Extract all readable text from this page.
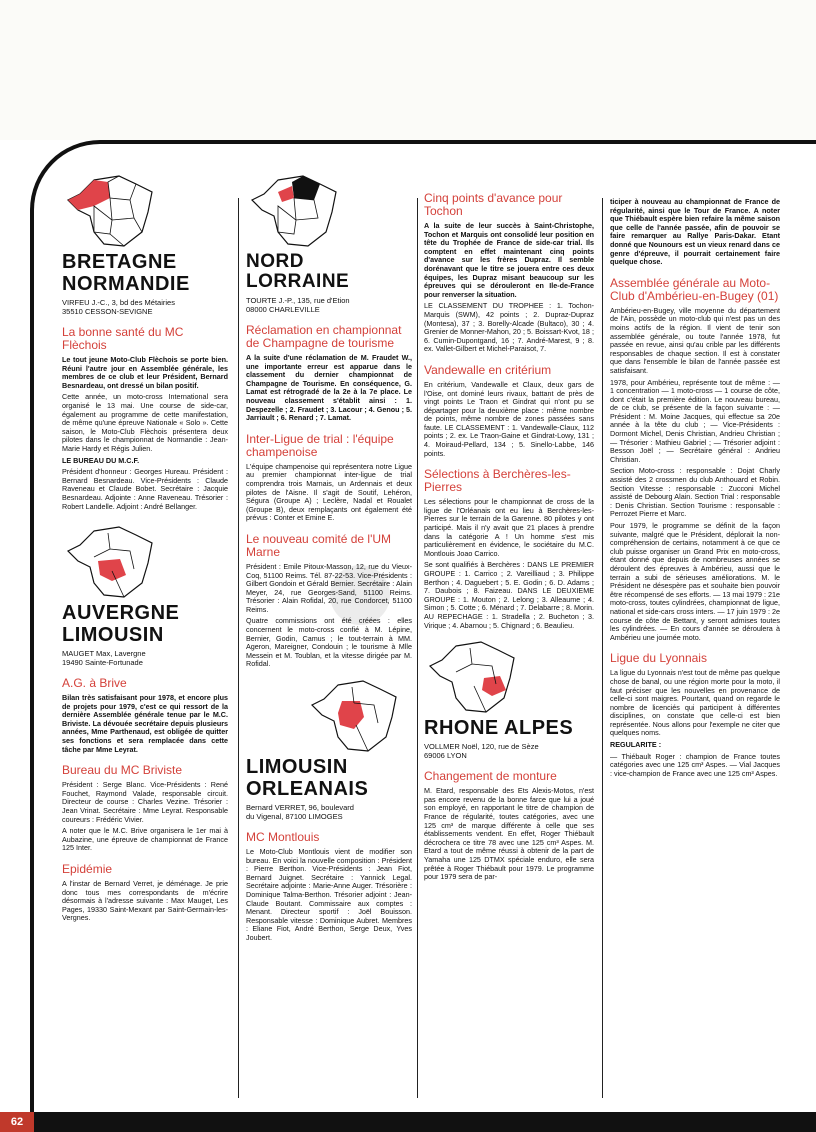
BRETAGNE
NORMANDIE
VIRFEU J.-C., 3, bd des Métairies
35510 CESSON-SEVIGNE
La bonne santé du MC Flèchois

Le tout jeune Moto-Club Flèchois se porte bien. Réuni l'autre jour en Assemblée générale, les membres de ce club et leur Président, Bernard Besnardeau, ont dressé un bilan positif.

Cette année, un moto-cross International sera organisé le 13 mai. Une course de side-car, également au programme de cette manifestation, de même qu'une épreuve Nationale « Solo ». Cette saison, le Moto-Club Flèchois présentera deux pilotes dans le championnat de Normandie : Jean-Marie Hardy et Régis Julien.

LE BUREAU DU M.C.F.

Président d'honneur : Georges Hureau. Président : Bernard Besnardeau. Vice-Présidents : Claude Raveneau et Claude Bobet. Secrétaire : Jacquie Besnardeau. Adjointe : Anne Raveneau. Trésorier : Robert Landelle. Adjoint : André Bellanger.

AUVERGNE
LIMOUSIN
MAUGET Max, Lavergne
19490 Sainte-Fortunade
A.G. à Brive

Bilan très satisfaisant pour 1978, et encore plus de projets pour 1979, c'est ce qui ressort de la dernière Assemblée générale tenue par le M.C. Briviste. La dévouée secrétaire depuis plusieurs années, Mme Parthenaud, est obligée de quitter ses fonctions et sera remplacée dans cette tâche par Mme Leyrat.

Bureau du MC Briviste

Président : Serge Blanc. Vice-Présidents : René Fouchet, Raymond Valade, responsable circuit. Directeur de course : Charles Vezine. Trésorier : Jean Vrinat. Secrétaire : Mme Leyrat. Responsable coureurs : Frédéric Vivier.

A noter que le M.C. Brive organisera le 1er mai à Aubazine, une épreuve de championnat de France 125 Inter.

Epidémie

A l'instar de Bernard Verret, je déménage. Je prie donc tous mes correspondants de m'écrire désormais à l'adresse suivante : Max Mauget, Les Pages, 19330 Saint-Mexant par Saint-Germain-les-Vergnes.

NORD LORRAINE
TOURTE J.-P., 135, rue d'Etion
08000 CHARLEVILLE
Réclamation en championnat de Champagne de tourisme

A la suite d'une réclamation de M. Fraudet W., une importante erreur est apparue dans le classement du dernier championnat de Champagne de Tourisme. En conséquence, G. Lamat est rétrogradé de la 2e à la 7e place. Le nouveau classement s'établit ainsi : 1. Despezelle ; 2. Fraudet ; 3. Lacour ; 4. Genou ; 5. Jarriault ; 6. Renard ; 7. Lamat.

Inter-Ligue de trial : l'équipe champenoise

L'équipe champenoise qui représentera notre Ligue au premier championnat inter-ligue de trial comprendra trois Marnais, un Ardennais et deux pilotes de l'Aisne. Il s'agit de Soutif, Lehéron, Ségura (Groupe A) ; Leclère, Nadal et Roualet (Groupe B), deux remplaçants ont également été prévus : Conter et Emine E.

Le nouveau comité de l'UM Marne

Président : Emile Pitoux-Masson, 12, rue du Vieux-Coq, 51100 Reims. Tél. 87-22-53. Vice-Présidents : Gilbert Gondoin et Gérald Bernier. Secrétaire : Alain Meyer, 24, rue Georges-Sand, 51100 Reims. Trésorier : Alain Rofidal, 20, rue Condorcet, 51100 Reims.

Quatre commissions ont été créées : elles concernent le moto-cross confié à M. Lépine, Bernier, Godin, Camus ; le tout-terrain à MM. Ageron, Mareigner, Condouin ; le tourisme à Mlle Messein et M. Toublan, et la vitesse dirigée par M. Rofidal.

LIMOUSIN
ORLEANAIS
Bernard VERRET, 96, boulevard
du Vigenal, 87100 LIMOGES
MC Montlouis

Le Moto-Club Montlouis vient de modifier son bureau. En voici la nouvelle composition : Président : Pierre Berthon. Vice-Présidents : Jean Fiot, Bernard Juignet. Secrétaire : Yannick Legal. Secrétaire adjointe : Marie-Anne Auger. Trésorière : Dominique Talma-Berthon. Trésorier adjoint : Jean-Claude Boutant. Commissaire aux comptes : Menant. Directeur sportif : Joël Bouisson. Responsable vitesse : Dominique Aubret. Membres : Eliane Fiot, André Berthon, Serge Deux, Yves Joubert.

Cinq points d'avance pour Tochon

A la suite de leur succès à Saint-Christophe, Tochon et Marquis ont consolidé leur position en tête du Trophée de France de side-car trial. Ils comptent en effet maintenant cinq points d'avance sur les frères Dupraz. Il semble dorénavant que le titre se jouera entre ces deux équipes, les Dupraz misant beaucoup sur les épreuves qui se dérouleront en Ile-de-France pour renverser la situation.

LE CLASSEMENT DU TROPHEE : 1. Tochon-Marquis (SWM), 42 points ; 2. Dupraz-Dupraz (Montesa), 37 ; 3. Borelly-Alcade (Bultaco), 30 ; 4. Grenier de Monner-Mahon, 20 ; 5. Boissart-Kvot, 18 ; 6. Cumin-Dupontgand, 16 ; 7. André-Marest, 9 ; 8. ex. Vallet-Gilbert et Michel-Paraisot, 7.

Vandewalle en critérium

En critérium, Vandewalle et Claux, deux gars de l'Oise, ont dominé leurs rivaux, battant de près de vingt points Le Traon et Gindrat qui n'ont pu se départager pour la deuxième place : même nombre de points, même nombre de zones passées sans faute. LE CLASSEMENT : 1. Vandewalle-Claux, 112 points ; 2. ex. Le Traon-Gaine et Gindrat-Lowy, 131 ; 4. Moiraud-Pellard, 134 ; 5. Sinello-Labbe, 146 points.

Sélections à Berchères-les-Pierres

Les sélections pour le championnat de cross de la ligue de l'Orléanais ont eu lieu à Berchères-les-Pierres sur le terrain de la Garenne. 80 pilotes y ont participé. Mais il n'y avait que 21 places à prendre dans la catégorie A ! Un homme s'est mis particulièrement en évidence, le sociétaire du M.C. Montlouis Joao Carrico.

Se sont qualifiés à Berchères : DANS LE PREMIER GROUPE : 1. Carrico ; 2. Vareilliaud ; 3. Philippe Berthon ; 4. Daguebert ; 5. E. Godin ; 6. D. Adams ; 7. Daubois ; 8. Faizeau. DANS LE DEUXIEME GROUPE : 1. Mouton ; 2. Lelong ; 3. Alleaume ; 4. Simon ; 5. Cotte ; 6. Ménard ; 7. Delabarre ; 8. Morin. AU REPECHAGE : 1. Stradella ; 2. Bucheton ; 3. Virique ; 4. Abarnou ; 5. Chignard ; 6. Beaulieu.

RHONE ALPES
VOLLMER Noël, 120, rue de Sèze
69006 LYON
Changement de monture

M. Etard, responsable des Ets Alexis-Motos, n'est pas encore revenu de la bonne farce que lui a joué son employé, en rapportant le titre de champion de France de régularité, toutes catégories, avec une 125 cm³ de marque différente à celle que ses établissements vendent. En effet, Roger Thiébault décrochera ce titre 78 avec une 125 cm³ Aspes. M. Etard a tout de même réussi à obtenir de la part de Yamaha une 125 DTMX spéciale enduro, elle sera prêtée à Roger Thiébault pour 1979. Le programme pour 1979 sera de par-

ticiper à nouveau au championnat de France de régularité, ainsi que le Tour de France. A noter que Thiébault espère bien refaire la même saison que celle de l'année passée, afin de pouvoir se faire remarquer au Rallye Paris-Dakar. Etant donné que Nounours est un vieux renard dans ce genre d'épreuve, il pourrait certainement faire quelque chose.

Assemblée générale au Moto-Club d'Ambérieu-en-Bugey (01)

Ambérieu-en-Bugey, ville moyenne du département de l'Ain, possède un moto-club qui n'est pas un des moins actifs de la région. Il vient de tenir son assemblée générale, ou toute l'année 1978, fut passée en revue, ainsi qu'au crible par les différents responsables de chaque section. Il est à constater que dans l'ensemble le bilan de l'année passée est satisfaisant.

1978, pour Ambérieu, représente tout de même : — 1 concentration — 1 moto-cross — 1 course de côte, dont c'était la première édition. Le nouveau bureau, de ce club, se présente de la façon suivante : — Président : M. Moine Jacques, qui effectue sa 20e année à la tête du club ; — Vice-Présidents : Dormont Michel, Denis Christian, Andrieu Christian ; — Trésorier : Mathieu Gabriel ; — Trésorier adjoint : Besson Joël ; — Secrétaire général : Andrieu Christian.

Section Moto-cross : responsable : Dojat Charly assisté des 2 crossmen du club Anthouard et Robin. Section Vitesse : responsable : Zucconi Michel assisté de Debourg Alain. Section Trial : responsable : Denis Christian. Section Tourisme : responsable : Perrozet Pierre et Marc.

Pour 1979, le programme se définit de la façon suivante, malgré que le Président, déplorait la non-compréhension de certains, notamment à ce que ce club puisse organiser un Grand Prix en moto-cross, étant donné que depuis de nombreuses années se déroulent des épreuves à Ambérieu, aussi que le terrain a subi de sérieuses améliorations. M. le Président ne désespère pas et souhaite bien pouvoir être récompensé de ses efforts. — 13 mai 1979 : 21e moto-cross, toutes cylindrées, championnat de ligue, national et side-cars cross inters. — 17 juin 1979 : 2e course de côte de Bettant, y seront admises toutes les cylindrées. — En cours d'année se déroulera à Ambérieu une journée moto.

Ligue du Lyonnais

La ligue du Lyonnais n'est tout de même pas quelque chose de banal, ou une région morte pour la moto, il faut préciser que les nouvelles en provenance de celle-ci sont maigres. Pourtant, quand on regarde le nombre de licenciés qui participent à différentes disciplines, on constate que celle-ci est bien représentée. Nous allons pour l'exemple ne citer que quelques noms.

REGULARITE :

— Thiébault Roger : champion de France toutes catégories avec une 125 cm³ Aspes. — Vial Jacques : vice-champion de France avec une 125 cm³ Aspes.

62
